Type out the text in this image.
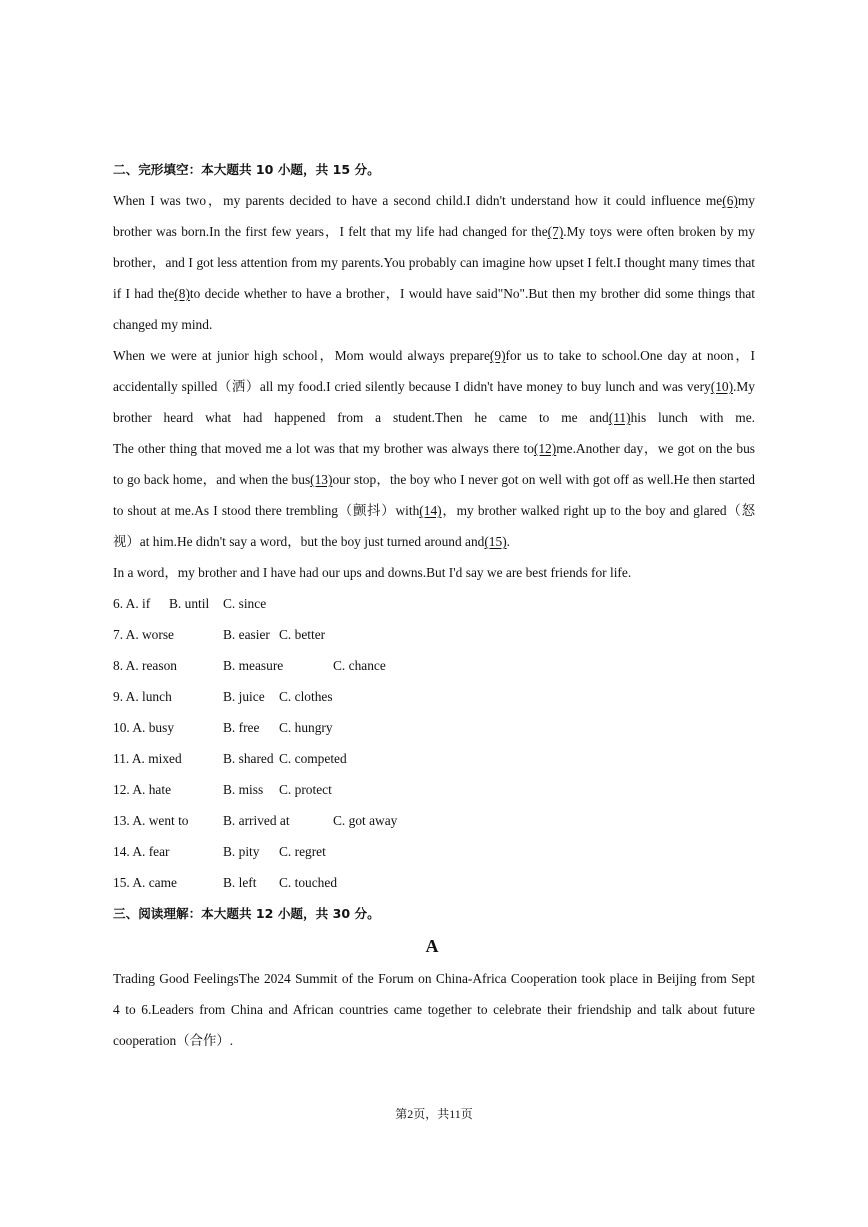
二、完形填空：本大题共 10 小题，共 15 分。
When I was two，my parents decided to have a second child.I didn't understand how it could influence me(6)my
brother was born.In the first few years，I felt that my life had changed for the(7).My toys were often broken by my
brother，and I got less attention from my parents.You probably can imagine how upset I felt.I thought many times that
if I had the(8)to decide whether to have a brother，I would have said"No".But then my brother did some things that
changed my mind.
When we were at junior high school，Mom would always prepare(9)for us to take to school.One day at noon，I
accidentally spilled（洒）all my food.I cried silently because I didn't have money to buy lunch and was very(10).My
brother heard what had happened from a student.Then he came to me and(11)his lunch with me.
The other thing that moved me a lot was that my brother was always there to(12)me.Another day，we got on the bus
to go back home，and when the bus(13)our stop，the boy who I never got on well with got off as well.He then started
to shout at me.As I stood there trembling（颤抖）with(14)，my brother walked right up to the boy and glared（怒
视）at him.He didn't say a word，but the boy just turned around and(15).
In a word，my brother and I have had our ups and downs.But I'd say we are best friends for life.
6. A. if B. until C. since
7. A. worse	B. easier C. better
8. A. reason	B. measure	C. chance
9. A. lunch	B. juice C. clothes
10. A. busy	B. free C. hungry
11. A. mixed	B. shared C. competed
12. A. hate	B. miss C. protect
13. A. went to	B. arrived at	C. got away
14. A. fear	B. pity C. regret
15. A. came	B. left C. touched
三、阅读理解：本大题共 12 小题，共 30 分。
A
Trading Good FeelingsThe 2024 Summit of the Forum on China-Africa Cooperation took place in Beijing from Sept
4 to 6.Leaders from China and African countries came together to celebrate their friendship and talk about future
cooperation（合作）.
第2页，共11页
